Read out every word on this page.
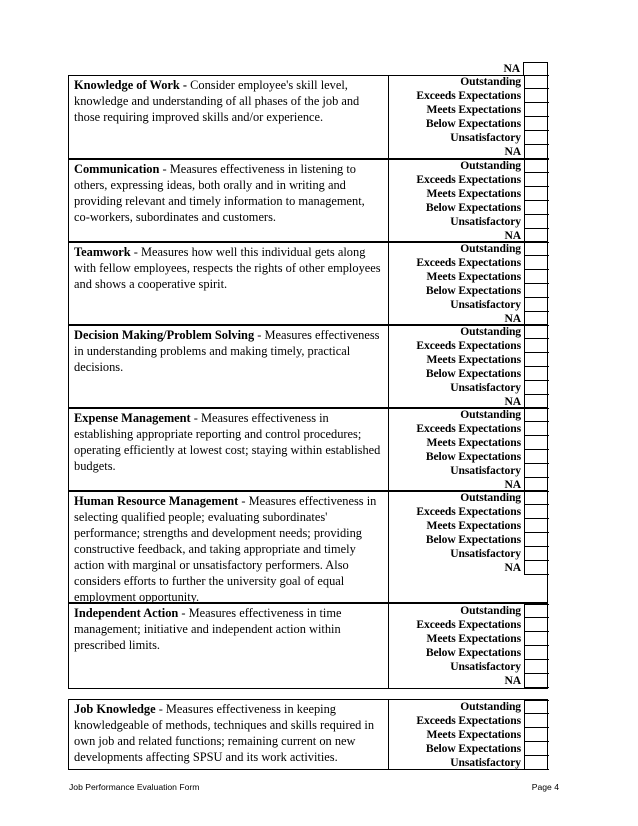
NA
Knowledge of Work - Consider employee's skill level, knowledge and understanding of all phases of the job and those requiring improved skills and/or experience.
Outstanding
Exceeds Expectations
Meets Expectations
Below Expectations
Unsatisfactory
NA
Communication - Measures effectiveness in listening to others, expressing ideas, both orally and in writing and providing relevant and timely information to management, co-workers, subordinates and customers.
Outstanding
Exceeds Expectations
Meets Expectations
Below Expectations
Unsatisfactory
NA
Teamwork - Measures how well this individual gets along with fellow employees, respects the rights of other employees and shows a cooperative spirit.
Outstanding
Exceeds Expectations
Meets Expectations
Below Expectations
Unsatisfactory
NA
Decision Making/Problem Solving - Measures effectiveness in understanding problems and making timely, practical decisions.
Outstanding
Exceeds Expectations
Meets Expectations
Below Expectations
Unsatisfactory
NA
Expense Management - Measures effectiveness in establishing appropriate reporting and control procedures; operating efficiently at lowest cost; staying within established budgets.
Outstanding
Exceeds Expectations
Meets Expectations
Below Expectations
Unsatisfactory
NA
Human Resource Management - Measures effectiveness in selecting qualified people; evaluating subordinates' performance; strengths and development needs; providing constructive feedback, and taking appropriate and timely action with marginal or unsatisfactory performers. Also considers efforts to further the university goal of equal employment opportunity.
Outstanding
Exceeds Expectations
Meets Expectations
Below Expectations
Unsatisfactory
NA
Independent Action - Measures effectiveness in time management; initiative and independent action within prescribed limits.
Outstanding
Exceeds Expectations
Meets Expectations
Below Expectations
Unsatisfactory
NA
Job Knowledge - Measures effectiveness in keeping knowledgeable of methods, techniques and skills required in own job and related functions; remaining current on new developments affecting SPSU and its work activities.
Outstanding
Exceeds Expectations
Meets Expectations
Below Expectations
Unsatisfactory
Job Performance Evaluation Form	Page 4
